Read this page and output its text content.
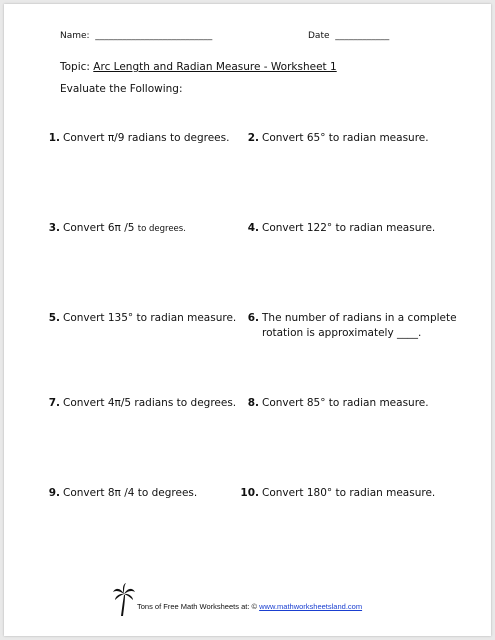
Name:  __________________________	Date  ____________
Topic: Arc Length and Radian Measure - Worksheet 1
Evaluate the Following:
1. Convert π/9 radians to degrees.	2. Convert 65° to radian measure.
3. Convert 6π /5 to degrees.	4. Convert 122° to radian measure.
5. Convert 135° to radian measure.	6. The number of radians in a complete
rotation is approximately ____.
7. Convert 4π/5 radians to degrees.	8. Convert 85° to radian measure.
9. Convert 8π /4 to degrees.	10. Convert 180° to radian measure.
Tons of Free Math Worksheets at: © www.mathworksheetsland.com
